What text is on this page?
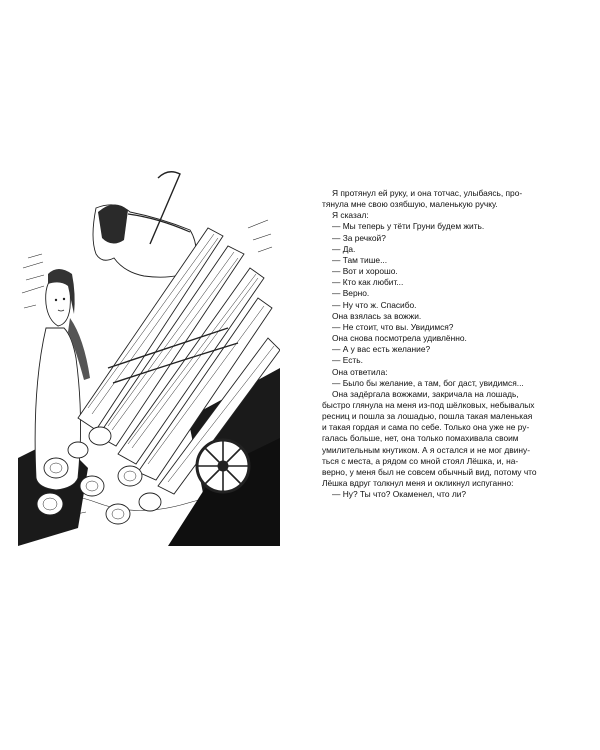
Я протянул ей руку, и она тотчас, улыбаясь, про-

тянула мне свою озябшую, маленькую ручку.

Я сказал:

— Мы теперь у тёти Груни будем жить.

— За речкой?

— Да.

— Там тише...

— Вот и хорошо.

— Кто как любит...

— Верно.

— Ну что ж. Спасибо.

Она взялась за вожжи.

— Не стоит, что вы. Увидимся?

Она снова посмотрела удивлённо.

— А у вас есть желание?

— Есть.

Она ответила:

— Было бы желание, а там, бог даст, увидимся...

Она задёргала вожжами, закричала на лошадь,

быстро глянула на меня из-под шёлковых, небывалых

ресниц и пошла за лошадью, пошла такая маленькая

и такая гордая и сама по себе. Только она уже не ру-

галась больше, нет, она только помахивала своим

умилительным кнутиком. А я остался и не мог двину-

ться с места, а рядом со мной стоял Лёшка, и, на-

верно, у меня был не совсем обычный вид, потому что

Лёшка вдруг толкнул меня и окликнул испуганно:

— Ну? Ты что? Окаменел, что ли?
